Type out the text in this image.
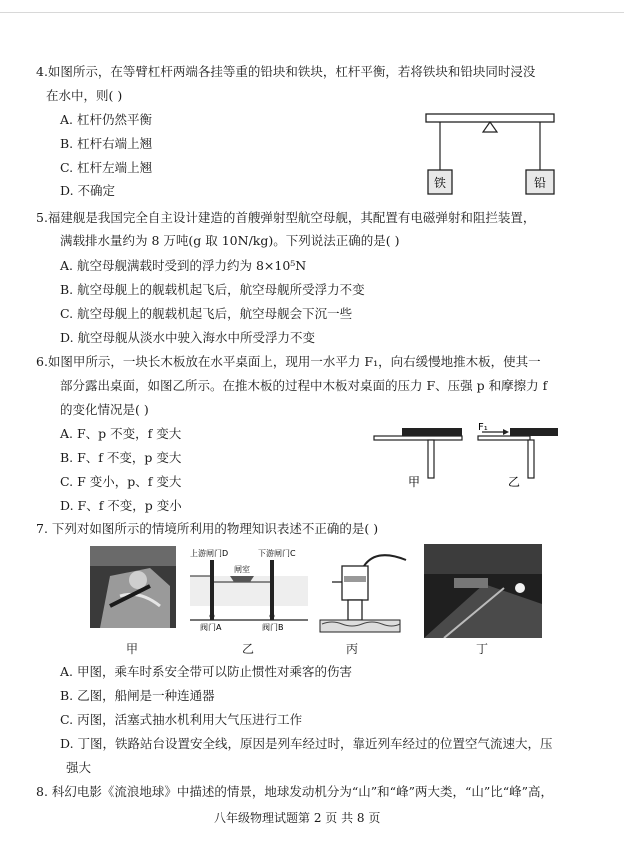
4.如图所示，在等臂杠杆两端各挂等重的铅块和铁块，杠杆平衡，若将铁块和铅块同时浸没
在水中，则( )
A. 杠杆仍然平衡
B. 杠杆右端上翘
C. 杠杆左端上翘
D. 不确定	铁	铅
5.福建舰是我国完全自主设计建造的首艘弹射型航空母舰，其配置有电磁弹射和阻拦装置，
满载排水量约为 8 万吨(g 取 10N/kg)。下列说法正确的是( )
A. 航空母舰满载时受到的浮力约为 8×10⁵N
B. 航空母舰上的舰载机起飞后，航空母舰所受浮力不变
C. 航空母舰上的舰载机起飞后，航空母舰会下沉一些
D. 航空母舰从淡水中驶入海水中所受浮力不变
6.如图甲所示，一块长木板放在水平桌面上，现用一水平力 F₁，向右缓慢地推木板，使其一
部分露出桌面，如图乙所示。在推木板的过程中木板对桌面的压力 F、压强 p 和摩擦力 f
的变化情况是( )
A. F、p 不变，f 变大
B. F、f 不变，p 变大
C. F 变小，p、f 变大
D. F、f 不变，p 变小
F₁
甲	乙
7. 下列对如图所示的情境所利用的物理知识表述不正确的是( )
上游闸门D	下游闸门C
闸室
阀门A	阀门B
甲	乙	丙	丁
A. 甲图，乘车时系安全带可以防止惯性对乘客的伤害
B. 乙图，船闸是一种连通器
C. 丙图，活塞式抽水机利用大气压进行工作
D. 丁图，铁路站台设置安全线，原因是列车经过时，靠近列车经过的位置空气流速大，压
强大
8. 科幻电影《流浪地球》中描述的情景，地球发动机分为“山”和“峰”两大类，“山”比“峰”高，
八年级物理试题第 2 页 共 8 页
